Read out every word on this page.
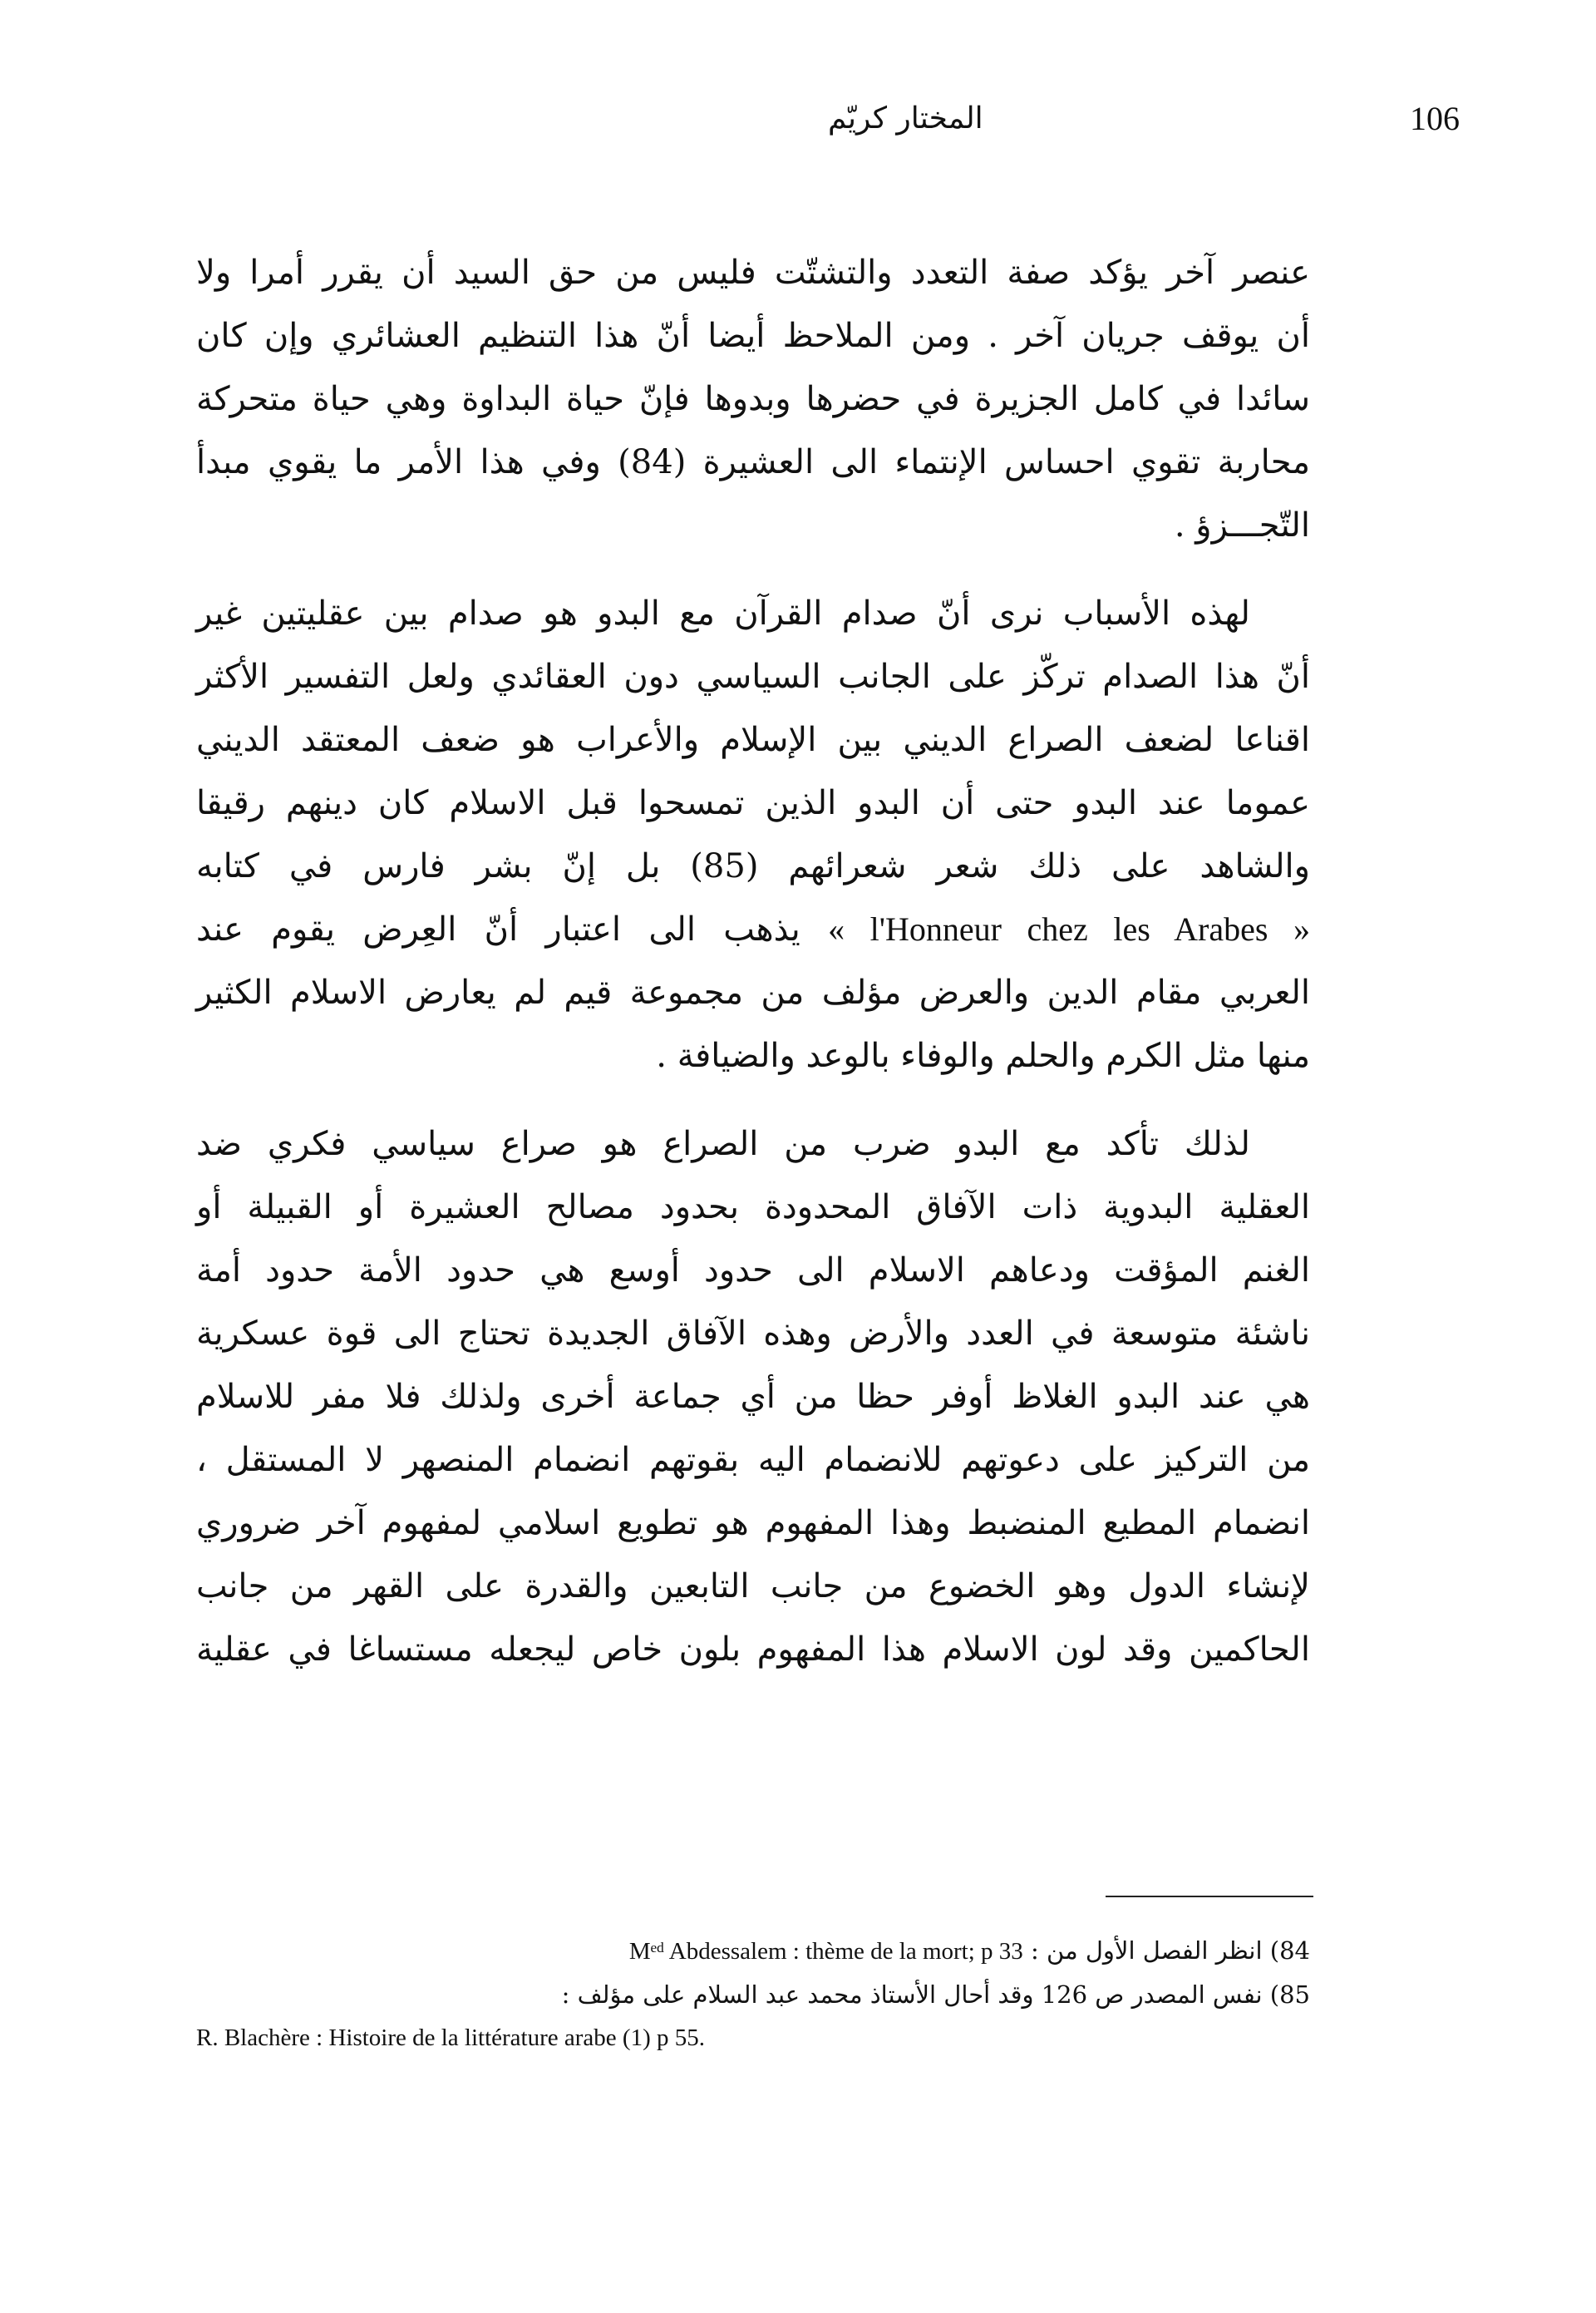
106
المختار كريّم

عنصر آخر يؤكد صفة التعدد والتشتّت فليس من حق السيد أن يقرر أمرا ولا
أن يوقف جريان آخر . ومن الملاحظ أيضا أنّ هذا التنظيم العشائري وإن كان
سائدا في كامل الجزيرة في حضرها وبدوها فإنّ حياة البداوة وهي حياة متحركة
محاربة تقوي احساس الإنتماء الى العشيرة (84) وفي هذا الأمر ما يقوي مبدأ
التّجـــزؤ .

لهذه الأسباب نرى أنّ صدام القرآن مع البدو هو صدام بين عقليتين غير
أنّ هذا الصدام تركّز على الجانب السياسي دون العقائدي ولعل التفسير الأكثر
اقناعا لضعف الصراع الديني بين الإسلام والأعراب هو ضعف المعتقد الديني
عموما عند البدو حتى أن البدو الذين تمسحوا قبل الاسلام كان دينهم رقيقا
والشاهد على ذلك شعر شعرائهم (85) بل إنّ بشر فارس في كتابه
« l'Honneur chez les Arabes » يذهب الى اعتبار أنّ العِرض يقوم عند
العربي مقام الدين والعرض مؤلف من مجموعة قيم لم يعارض الاسلام الكثير
منها مثل الكرم والحلم والوفاء بالوعد والضيافة .

لذلك تأكد مع البدو ضرب من الصراع هو صراع سياسي فكري ضد
العقلية البدوية ذات الآفاق المحدودة بحدود مصالح العشيرة أو القبيلة أو
الغنم المؤقت ودعاهم الاسلام الى حدود أوسع هي حدود الأمة حدود أمة
ناشئة متوسعة في العدد والأرض وهذه الآفاق الجديدة تحتاج الى قوة عسكرية
هي عند البدو الغلاظ أوفر حظا من أي جماعة أخرى ولذلك فلا مفر للاسلام
من التركيز على دعوتهم للانضمام اليه بقوتهم انضمام المنصهر لا المستقل ،
انضمام المطيع المنضبط وهذا المفهوم هو تطويع اسلامي لمفهوم آخر ضروري
لإنشاء الدول وهو الخضوع من جانب التابعين والقدرة على القهر من جانب
الحاكمين وقد لون الاسلام هذا المفهوم بلون خاص ليجعله مستساغا في عقلية

84) انظر الفصل الأول من : Mᵉᵈ Abdessalem : thème de la mort; p 33
85) نفس المصدر ص 126 وقد أحال الأستاذ محمد عبد السلام على مؤلف :
R. Blachère : Histoire de la littérature arabe (1) p 55.
